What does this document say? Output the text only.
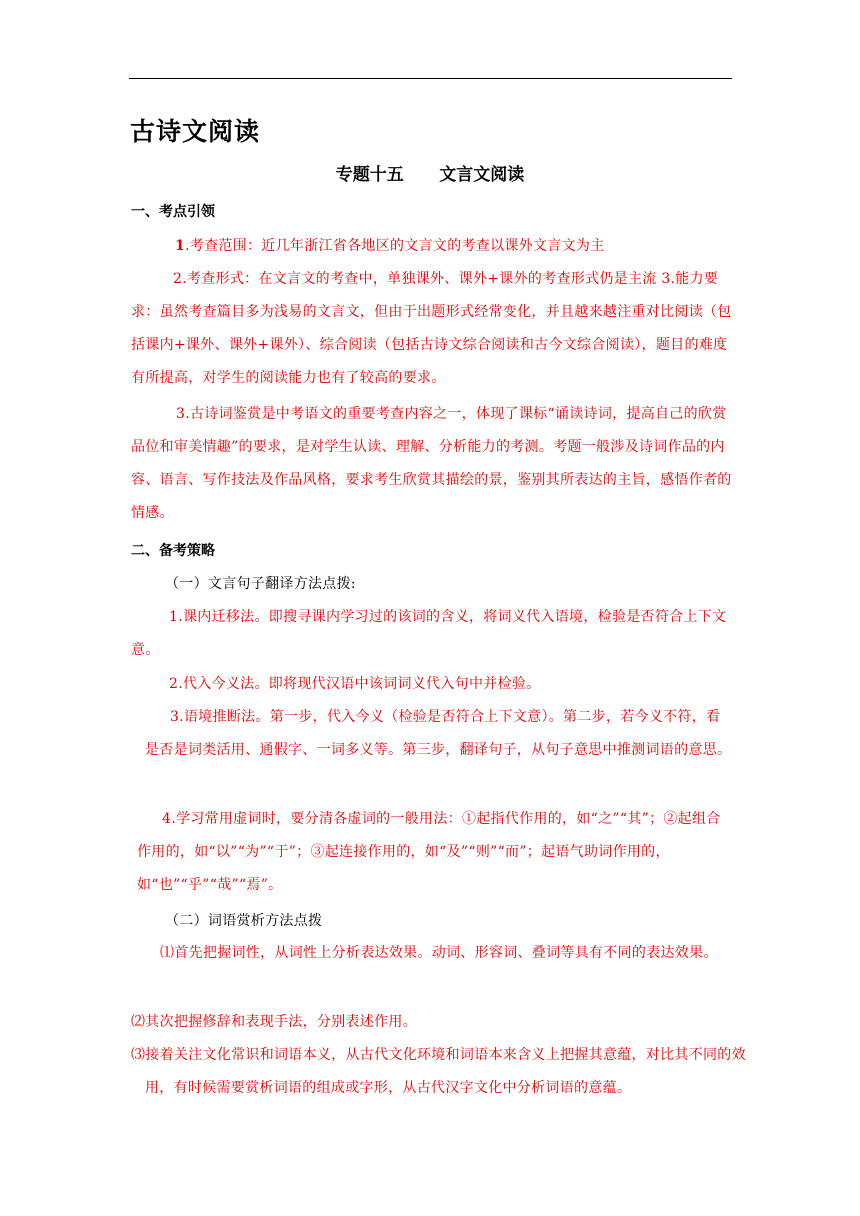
古诗文阅读
专题十五      文言文阅读
一、考点引领
1.考查范围：近几年浙江省各地区的文言文的考查以课外文言文为主
2.考查形式：在文言文的考查中，单独课外、课外+课外的考查形式仍是主流 3.能力要求：虽然考查篇目多为浅易的文言文，但由于出题形式经常变化，并且越来越注重对比阅读（包括课内+课外、课外+课外）、综合阅读（包括古诗文综合阅读和古今文综合阅读），题目的难度有所提高，对学生的阅读能力也有了较高的要求。
3.古诗词鉴赏是中考语文的重要考查内容之一，体现了课标“诵读诗词，提高自己的欣赏品位和审美情趣”的要求，是对学生认读、理解、分析能力的考测。考题一般涉及诗词作品的内容、语言、写作技法及作品风格，要求考生欣赏其描绘的景，鉴别其所表达的主旨，感悟作者的情感。
二、备考策略
（一）文言句子翻译方法点拨:
1.课内迁移法。即搜寻课内学习过的该词的含义，将词义代入语境，检验是否符合上下文意。
2.代入今义法。即将现代汉语中该词词义代入句中并检验。
3.语境推断法。第一步，代入今义（检验是否符合上下文意）。第二步，若今义不符，看是否是词类活用、通假字、一词多义等。第三步，翻译句子，从句子意思中推测词语的意思。
4.学习常用虚词时，要分清各虚词的一般用法：①起指代作用的，如“之”“其”；②起组合作用的，如“以”“为”“于”；③起连接作用的，如“及”“则”“而”；起语气助词作用的，如“也”“乎”“哉”“焉”。
（二）词语赏析方法点拨
⑴首先把握词性，从词性上分析表达效果。动词、形容词、叠词等具有不同的表达效果。
⑵其次把握修辞和表现手法，分别表述作用。
⑶接着关注文化常识和词语本义，从古代文化环境和词语本来含义上把握其意蕴，对比其不同的效用，有时候需要赏析词语的组成或字形，从古代汉字文化中分析词语的意蕴。
